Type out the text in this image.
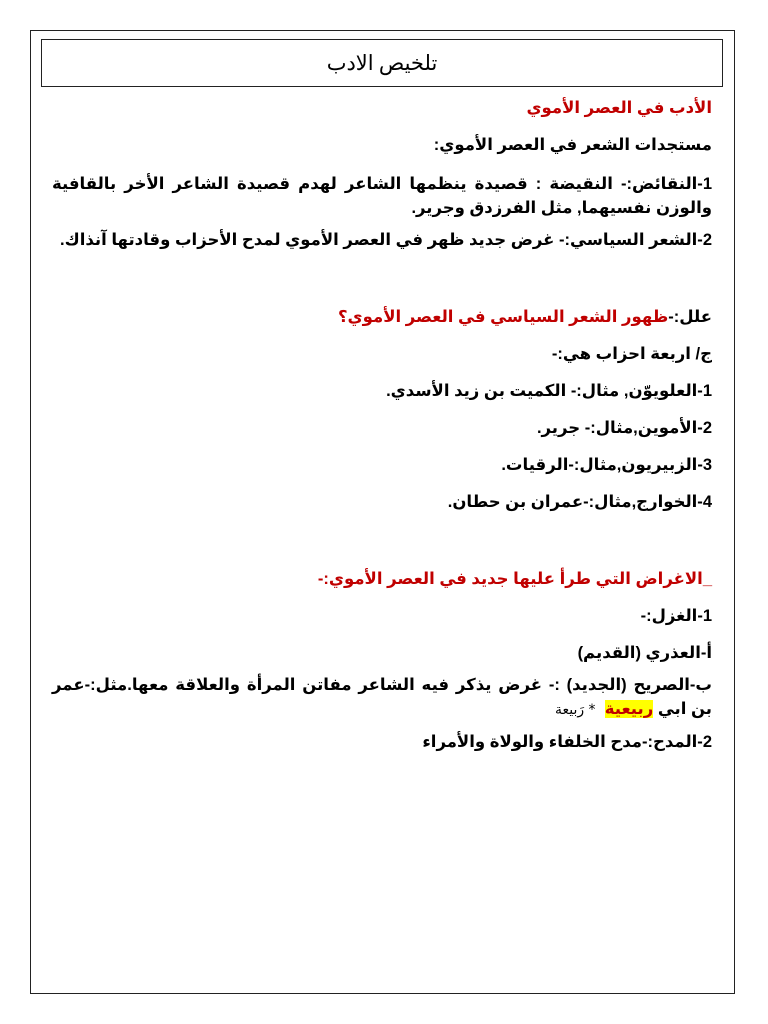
تلخيص الادب

الأدب في العصر الأموي

مستجدات الشعر في العصر الأموي:

1-النقائض:- النقيضة : قصيدة ينظمها الشاعر لهدم قصيدة الشاعر الأخر بالقافية والوزن نفسيهما, مثل الفرزدق وجرير.

2-الشعر السياسي:- غرض جديد ظهر في العصر الأموي لمدح الأحزاب وقادتها آنذاك.

علل:-ظهور الشعر السياسي في العصر الأموي؟

ج/ اربعة احزاب هي:-

1-العلويوّن, مثال:- الكميت بن زيد الأسدي.

2-الأموين,مثال:- جرير.

3-الزبيريون,مثال:-الرقيات.

4-الخوارج,مثال:-عمران بن حطان.

_الاغراض التي طرأ عليها جديد في العصر الأموي:-

1-الغزل:-

أ-العذري (القديم)

ب-الصريح (الجديد) :- غرض يذكر فيه الشاعر مفاتن المرأة والعلاقة معها.مثل:-عمر بن ابي ربيعية  * رَبيعة

2-المدح:-مدح الخلفاء والولاة والأمراء
